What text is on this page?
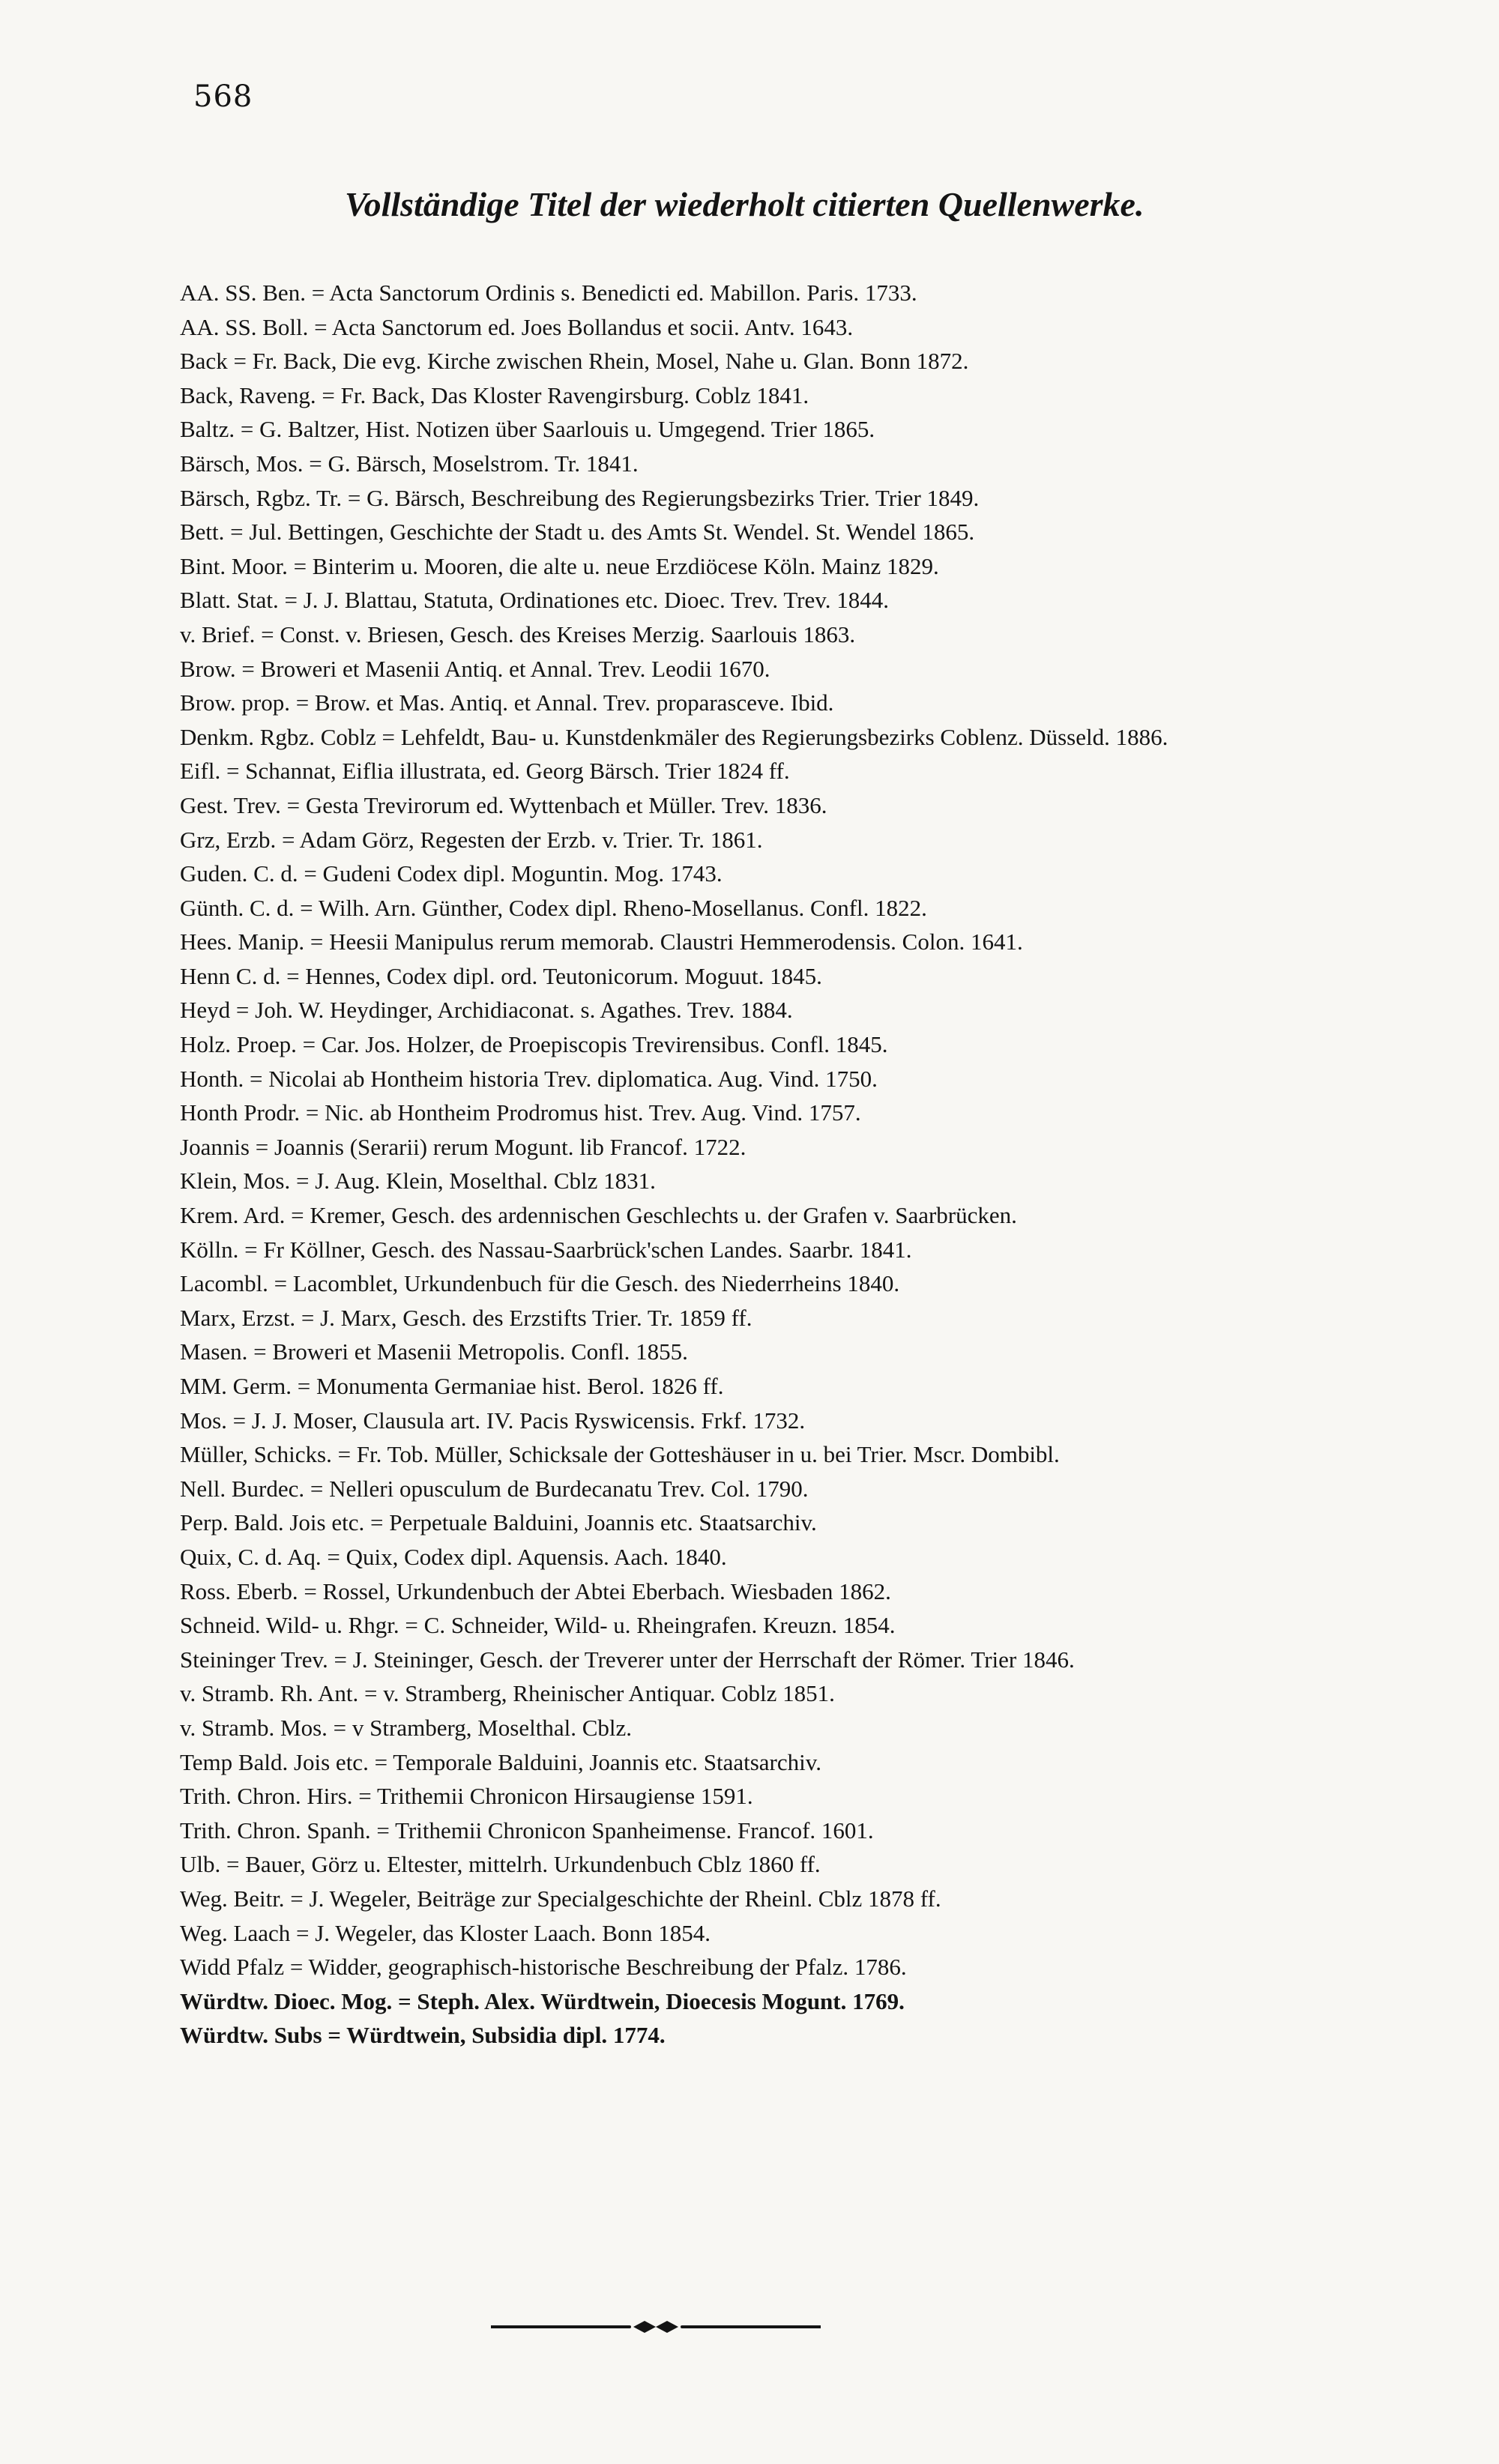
568
Vollständige Titel der wiederholt citierten Quellenwerke.
AA. SS. Ben. = Acta Sanctorum Ordinis s. Benedicti ed. Mabillon. Paris. 1733.
AA. SS. Boll. = Acta Sanctorum ed. Joes Bollandus et socii. Antv. 1643.
Back = Fr. Back, Die evg. Kirche zwischen Rhein, Mosel, Nahe u. Glan. Bonn 1872.
Back, Raveng. = Fr. Back, Das Kloster Ravengirsburg. Coblz 1841.
Baltz. = G. Baltzer, Hist. Notizen über Saarlouis u. Umgegend. Trier 1865.
Bärsch, Mos. = G. Bärsch, Moselstrom. Tr. 1841.
Bärsch, Rgbz. Tr. = G. Bärsch, Beschreibung des Regierungsbezirks Trier. Trier 1849.
Bett. = Jul. Bettingen, Geschichte der Stadt u. des Amts St. Wendel. St. Wendel 1865.
Bint. Moor. = Binterim u. Mooren, die alte u. neue Erzdiöcese Köln. Mainz 1829.
Blatt. Stat. = J. J. Blattau, Statuta, Ordinationes etc. Dioec. Trev. Trev. 1844.
v. Brief. = Const. v. Briesen, Gesch. des Kreises Merzig. Saarlouis 1863.
Brow. = Broweri et Masenii Antiq. et Annal. Trev. Leodii 1670.
Brow. prop. = Brow. et Mas. Antiq. et Annal. Trev. proparasceve. Ibid.
Denkm. Rgbz. Coblz = Lehfeldt, Bau- u. Kunstdenkmäler des Regierungsbezirks Coblenz. Düsseld. 1886.
Eifl. = Schannat, Eiflia illustrata, ed. Georg Bärsch. Trier 1824 ff.
Gest. Trev. = Gesta Trevirorum ed. Wyttenbach et Müller. Trev. 1836.
Grz, Erzb. = Adam Görz, Regesten der Erzb. v. Trier. Tr. 1861.
Guden. C. d. = Gudeni Codex dipl. Moguntin. Mog. 1743.
Günth. C. d. = Wilh. Arn. Günther, Codex dipl. Rheno-Mosellanus. Confl. 1822.
Hees. Manip. = Heesii Manipulus rerum memorab. Claustri Hemmerodensis. Colon. 1641.
Henn C. d. = Hennes, Codex dipl. ord. Teutonicorum. Moguut. 1845.
Heyd = Joh. W. Heydinger, Archidiaconat. s. Agathes. Trev. 1884.
Holz. Proep. = Car. Jos. Holzer, de Proepiscopis Trevirensibus. Confl. 1845.
Honth. = Nicolai ab Hontheim historia Trev. diplomatica. Aug. Vind. 1750.
Honth Prodr. = Nic. ab Hontheim Prodromus hist. Trev. Aug. Vind. 1757.
Joannis = Joannis (Serarii) rerum Mogunt. lib Francof. 1722.
Klein, Mos. = J. Aug. Klein, Moselthal. Cblz 1831.
Krem. Ard. = Kremer, Gesch. des ardennischen Geschlechts u. der Grafen v. Saarbrücken.
Kölln. = Fr Köllner, Gesch. des Nassau-Saarbrück'schen Landes. Saarbr. 1841.
Lacombl. = Lacomblet, Urkundenbuch für die Gesch. des Niederrheins 1840.
Marx, Erzst. = J. Marx, Gesch. des Erzstifts Trier. Tr. 1859 ff.
Masen. = Broweri et Masenii Metropolis. Confl. 1855.
MM. Germ. = Monumenta Germaniae hist. Berol. 1826 ff.
Mos. = J. J. Moser, Clausula art. IV. Pacis Ryswicensis. Frkf. 1732.
Müller, Schicks. = Fr. Tob. Müller, Schicksale der Gotteshäuser in u. bei Trier. Mscr. Dombibl.
Nell. Burdec. = Nelleri opusculum de Burdecanatu Trev. Col. 1790.
Perp. Bald. Jois etc. = Perpetuale Balduini, Joannis etc. Staatsarchiv.
Quix, C. d. Aq. = Quix, Codex dipl. Aquensis. Aach. 1840.
Ross. Eberb. = Rossel, Urkundenbuch der Abtei Eberbach. Wiesbaden 1862.
Schneid. Wild- u. Rhgr. = C. Schneider, Wild- u. Rheingrafen. Kreuzn. 1854.
Steininger Trev. = J. Steininger, Gesch. der Treverer unter der Herrschaft der Römer. Trier 1846.
v. Stramb. Rh. Ant. = v. Stramberg, Rheinischer Antiquar. Coblz 1851.
v. Stramb. Mos. = v Stramberg, Moselthal. Cblz.
Temp Bald. Jois etc. = Temporale Balduini, Joannis etc. Staatsarchiv.
Trith. Chron. Hirs. = Trithemii Chronicon Hirsaugiense 1591.
Trith. Chron. Spanh. = Trithemii Chronicon Spanheimense. Francof. 1601.
Ulb. = Bauer, Görz u. Eltester, mittelrh. Urkundenbuch Cblz 1860 ff.
Weg. Beitr. = J. Wegeler, Beiträge zur Specialgeschichte der Rheinl. Cblz 1878 ff.
Weg. Laach = J. Wegeler, das Kloster Laach. Bonn 1854.
Widd Pfalz = Widder, geographisch-historische Beschreibung der Pfalz. 1786.
Würdtw. Dioec. Mog. = Steph. Alex. Würdtwein, Dioecesis Mogunt. 1769.
Würdtw. Subs = Würdtwein, Subsidia dipl. 1774.
